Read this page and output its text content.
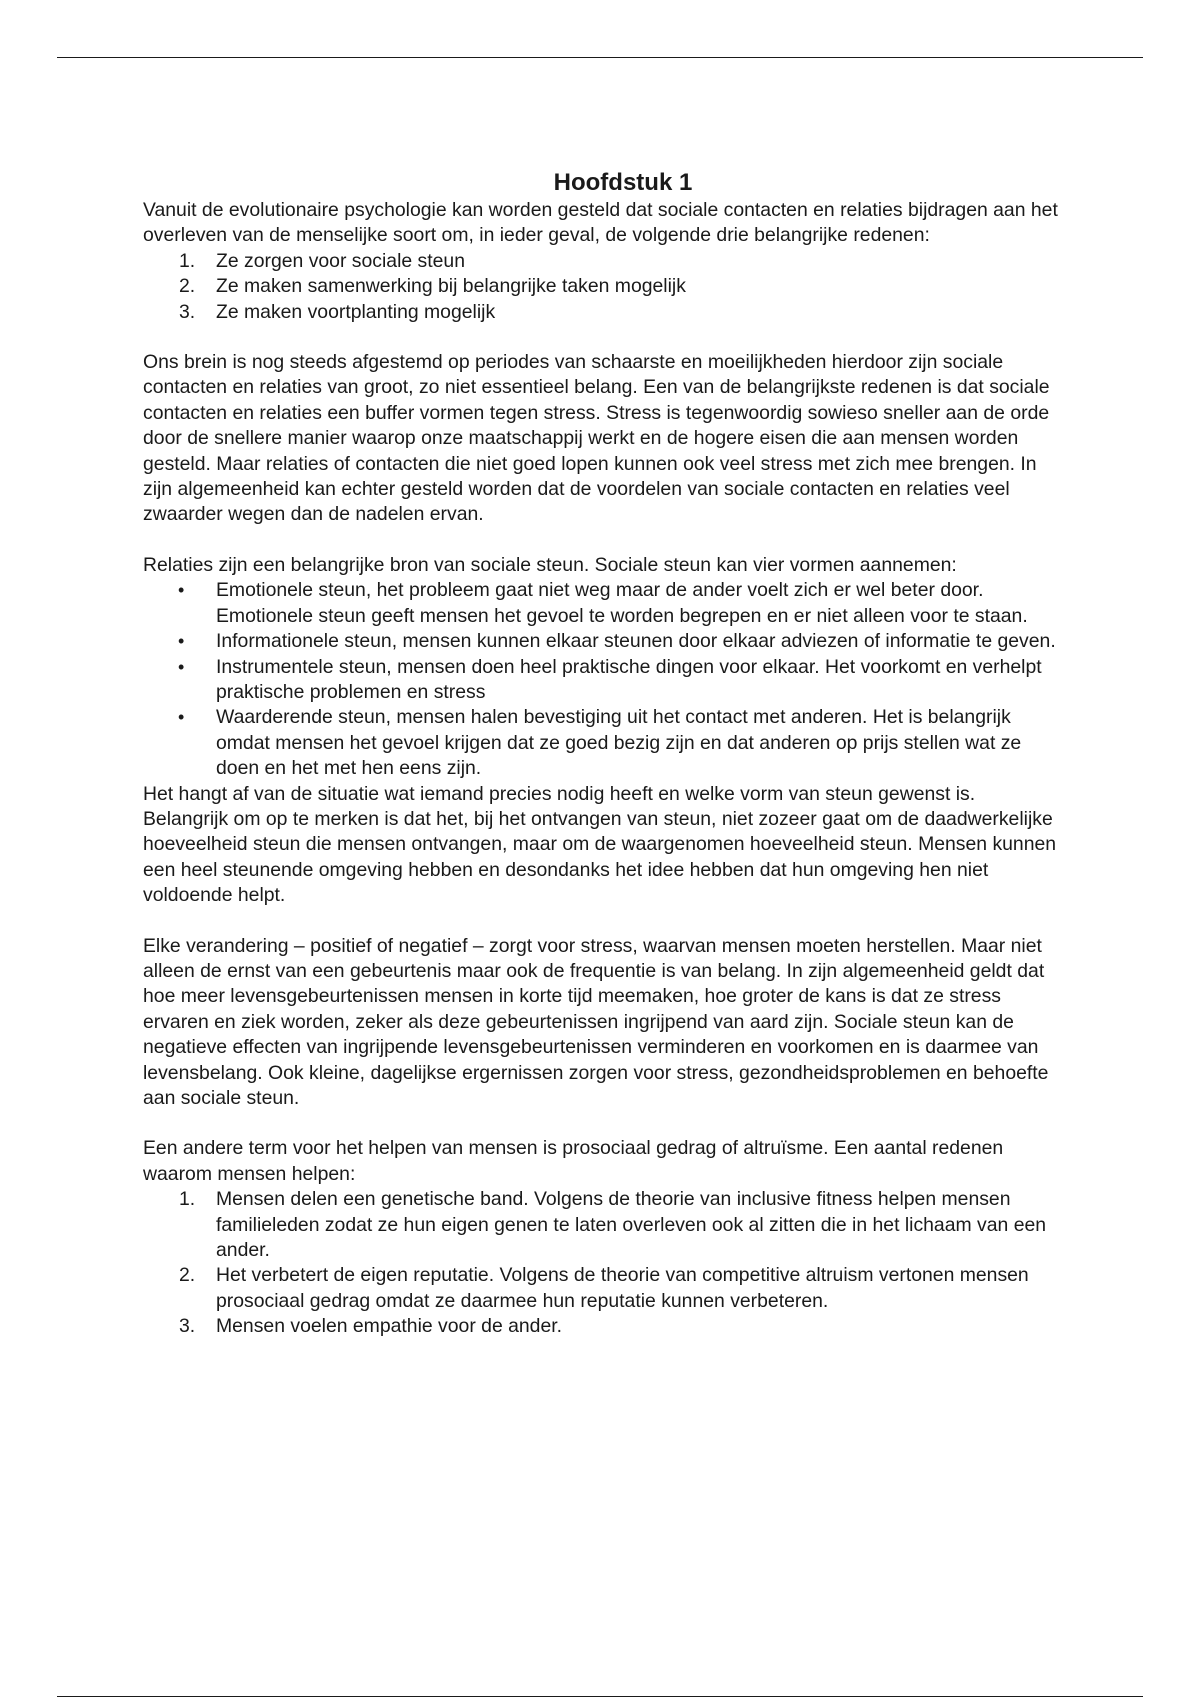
Hoofdstuk 1

Vanuit de evolutionaire psychologie kan worden gesteld dat sociale contacten en relaties bijdragen aan het overleven van de menselijke soort om, in ieder geval, de volgende drie belangrijke redenen:

1. Ze zorgen voor sociale steun
2. Ze maken samenwerking bij belangrijke taken mogelijk
3. Ze maken voortplanting mogelijk

Ons brein is nog steeds afgestemd op periodes van schaarste en moeilijkheden hierdoor zijn sociale contacten en relaties van groot, zo niet essentieel belang. Een van de belangrijkste redenen is dat sociale contacten en relaties een buffer vormen tegen stress. Stress is tegenwoordig sowieso sneller aan de orde door de snellere manier waarop onze maatschappij werkt en de hogere eisen die aan mensen worden gesteld. Maar relaties of contacten die niet goed lopen kunnen ook veel stress met zich mee brengen. In zijn algemeenheid kan echter gesteld worden dat de voordelen van sociale contacten en relaties veel zwaarder wegen dan de nadelen ervan.

Relaties zijn een belangrijke bron van sociale steun. Sociale steun kan vier vormen aannemen:

• Emotionele steun, het probleem gaat niet weg maar de ander voelt zich er wel beter door. Emotionele steun geeft mensen het gevoel te worden begrepen en er niet alleen voor te staan.
• Informationele steun, mensen kunnen elkaar steunen door elkaar adviezen of informatie te geven.
• Instrumentele steun, mensen doen heel praktische dingen voor elkaar. Het voorkomt en verhelpt praktische problemen en stress
• Waarderende steun, mensen halen bevestiging uit het contact met anderen. Het is belangrijk omdat mensen het gevoel krijgen dat ze goed bezig zijn en dat anderen op prijs stellen wat ze doen en het met hen eens zijn.

Het hangt af van de situatie wat iemand precies nodig heeft en welke vorm van steun gewenst is. Belangrijk om op te merken is dat het, bij het ontvangen van steun, niet zozeer gaat om de daadwerkelijke hoeveelheid steun die mensen ontvangen, maar om de waargenomen hoeveelheid steun. Mensen kunnen een heel steunende omgeving hebben en desondanks het idee hebben dat hun omgeving hen niet voldoende helpt.

Elke verandering – positief of negatief – zorgt voor stress, waarvan mensen moeten herstellen. Maar niet alleen de ernst van een gebeurtenis maar ook de frequentie is van belang. In zijn algemeenheid geldt dat hoe meer levensgebeurtenissen mensen in korte tijd meemaken, hoe groter de kans is dat ze stress ervaren en ziek worden, zeker als deze gebeurtenissen ingrijpend van aard zijn. Sociale steun kan de negatieve effecten van ingrijpende levensgebeurtenissen verminderen en voorkomen en is daarmee van levensbelang. Ook kleine, dagelijkse ergernissen zorgen voor stress, gezondheidsproblemen en behoefte aan sociale steun.

Een andere term voor het helpen van mensen is prosociaal gedrag of altruïsme. Een aantal redenen waarom mensen helpen:

1. Mensen delen een genetische band. Volgens de theorie van inclusive fitness helpen mensen familieleden zodat ze hun eigen genen te laten overleven ook al zitten die in het lichaam van een ander.
2. Het verbetert de eigen reputatie. Volgens de theorie van competitive altruism vertonen mensen prosociaal gedrag omdat ze daarmee hun reputatie kunnen verbeteren.
3. Mensen voelen empathie voor de ander.
